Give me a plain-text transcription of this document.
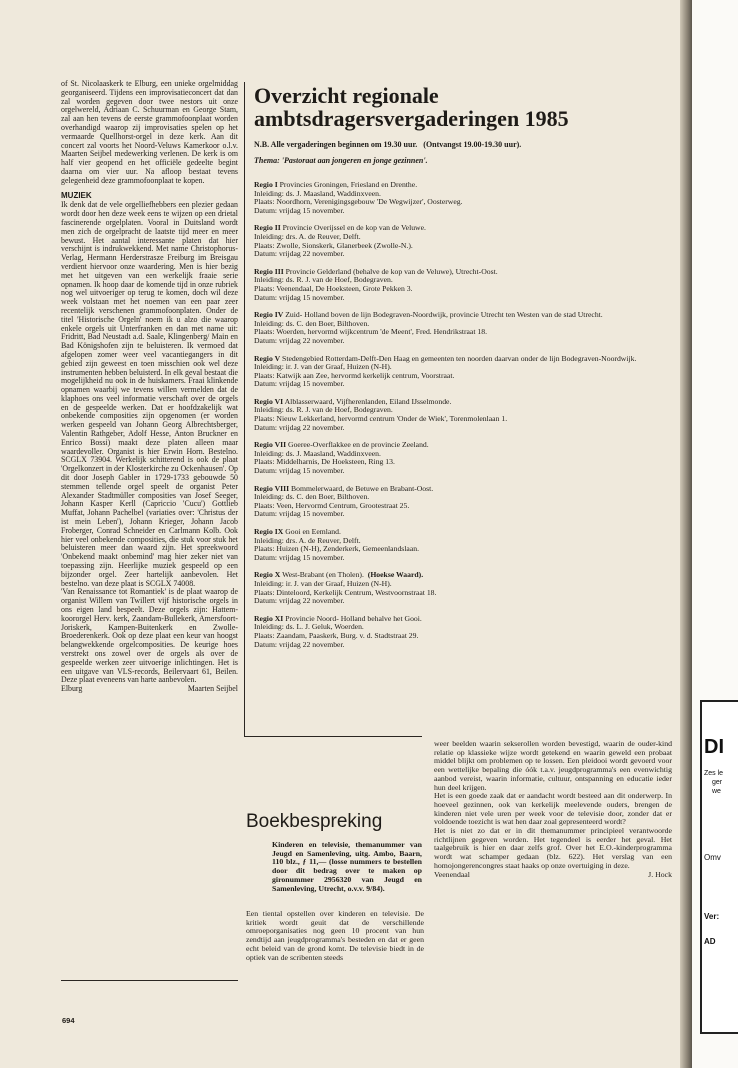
of St. Nicolaaskerk te Elburg, een unieke orgelmiddag georganiseerd. Tijdens een improvisatieconcert dat dan zal worden gegeven door twee nestors uit onze orgelwereld, Adriaan C. Schuurman en George Stam, zal aan hen tevens de eerste grammofoonplaat worden overhandigd waarop zij improvisaties spelen op het vermaarde Quellhorst-orgel in deze kerk. Aan dit concert zal voorts het Noord-Veluws Kamerkoor o.l.v. Maarten Seijbel medewerking verlenen. De kerk is om half vier geopend en het officiële gedeelte begint daarna om vier uur. Na afloop bestaat tevens gelegenheid deze grammofoonplaat te kopen.

MUZIEK

Ik denk dat de vele orgelliefhebbers een plezier gedaan wordt door hen deze week eens te wijzen op een drietal fascinerende orgelplaten. Vooral in Duitsland wordt men zich de orgelpracht de laatste tijd meer en meer bewust. Het aantal interessante platen dat hier verschijnt is indrukwekkend. Met name Christophorus-Verlag, Hermann Herderstrasze Freiburg im Breisgau verdient hiervoor onze waardering. Men is hier bezig met het uitgeven van een werkelijk fraaie serie opnamen. Ik hoop daar de komende tijd in onze rubriek nog wel uitvoeriger op terug te komen, doch wil deze week volstaan met het noemen van een paar zeer recentelijk verschenen grammofoonplaten. Onder de titel 'Historische Orgeln' noem ik u alzo die waarop enkele orgels uit Unterfranken en dan met name uit: Fridritt, Bad Neustadt a.d. Saale, Klingenberg/ Main en Bad Königshofen zijn te beluisteren. Ik vermoed dat afgelopen zomer weer veel vacantiegangers in dit gebied zijn geweest en toen misschien ook wel deze instrumenten hebben beluisterd. In elk geval bestaat die mogelijkheid nu ook in de huiskamers. Fraai klinkende opnamen waarbij we tevens willen vermelden dat de klaphoes ons veel informatie verschaft over de orgels en de gespeelde werken. Dat er hoofdzakelijk wat onbekende composities zijn opgenomen (er worden werken gespeeld van Johann Georg Albrechtsberger, Valentin Rathgeber, Adolf Hesse, Anton Bruckner en Enrico Bossi) maakt deze platen alleen maar waardevoller. Organist is hier Erwin Horn. Bestelno. SCGLX 73904. Werkelijk schitterend is ook de plaat 'Orgelkonzert in der Klosterkirche zu Ockenhausen'. Op dit door Joseph Gabler in 1729-1733 gebouwde 50 stemmen tellende orgel speelt de organist Peter Alexander Stadtmüller composities van Josef Seeger, Johann Kasper Kerll (Capriccio 'Cucu') Gottlieb Muffat, Johann Pachelbel (variaties over: 'Christus der ist mein Leben'), Johann Krieger, Johann Jacob Froberger, Conrad Schneider en Carlmann Kolb. Ook hier veel onbekende composities, die stuk voor stuk het beluisteren meer dan waard zijn. Het spreekwoord 'Onbekend maakt onbemind' mag hier zeker niet van toepassing zijn. Heerlijke muziek gespeeld op een bijzonder orgel. Zeer hartelijk aanbevolen. Het bestelno. van deze plaat is SCGLX 74008.

'Van Renaissance tot Romantiek' is de plaat waarop de organist Willem van Twillert vijf historische orgels in ons eigen land bespeelt. Deze orgels zijn: Hattem-koororgel Herv. kerk, Zaandam-Bullekerk, Amersfoort-Joriskerk, Kampen-Buitenkerk en Zwolle-Broederenkerk. Ook op deze plaat een keur van hoogst belangwekkende orgelcomposities. De keurige hoes verstrekt ons zowel over de orgels als over de gespeelde werken zeer uitvoerige inlichtingen. Het is een uitgave van VLS-records, Beilervaart 61, Beilen. Deze plaat eveneens van harte aanbevolen.

Elburg	Maarten Seijbel
694
Overzicht regionale ambtsdragersvergaderingen 1985
N.B. Alle vergaderingen beginnen om 19.30 uur. (Ontvangst 19.00-19.30 uur).
Thema: 'Pastoraat aan jongeren en jonge gezinnen'.
Regio I Provincies Groningen, Friesland en Drenthe.
Inleiding: ds. J. Maasland, Waddinxveen.
Plaats: Noordhorn, Verenigingsgebouw 'De Wegwijzer', Oosterweg.
Datum: vrijdag 15 november.
Regio II Provincie Overijssel en de kop van de Veluwe.
Inleiding: drs. A. de Reuver, Delft.
Plaats: Zwolle, Sionskerk, Glanerbeek (Zwolle-N.).
Datum: vrijdag 22 november.
Regio III Provincie Gelderland (behalve de kop van de Veluwe), Utrecht-Oost.
Inleiding: ds. R. J. van de Hoef, Bodegraven.
Plaats: Veenendaal, De Hoeksteen, Grote Pekken 3.
Datum: vrijdag 15 november.
Regio IV Zuid- Holland boven de lijn Bodegraven-Noordwijk, provincie Utrecht ten Westen van de stad Utrecht.
Inleiding: ds. C. den Boer, Bilthoven.
Plaats: Woerden, hervormd wijkcentrum 'de Meent', Fred. Hendrikstraat 18.
Datum: vrijdag 22 november.
Regio V Stedengebied Rotterdam-Delft-Den Haag en gemeenten ten noorden daarvan onder de lijn Bodegraven-Noordwijk.
Inleiding: ir. J. van der Graaf, Huizen (N-H).
Plaats: Katwijk aan Zee, hervormd kerkelijk centrum, Voorstraat.
Datum: vrijdag 15 november.
Regio VI Alblasserwaard, Vijfherenlanden, Eiland IJsselmonde.
Inleiding: ds. R. J. van de Hoef, Bodegraven.
Plaats: Nieuw Lekkerland, hervormd centrum 'Onder de Wiek', Torenmolenlaan 1.
Datum: vrijdag 22 november.
Regio VII Goeree-Overflakkee en de provincie Zeeland.
Inleiding: ds. J. Maasland, Waddinxveen.
Plaats: Middelharnis, De Hoeksteen, Ring 13.
Datum: vrijdag 15 november.
Regio VIII Bommelerwaard, de Betuwe en Brabant-Oost.
Inleiding: ds. C. den Boer, Bilthoven.
Plaats: Veen, Hervormd Centrum, Grootestraat 25.
Datum: vrijdag 15 november.
Regio IX Gooi en Eemland.
Inleiding: drs. A. de Reuver, Delft.
Plaats: Huizen (N-H), Zenderkerk, Gemeenlandslaan.
Datum: vrijdag 15 november.
Regio X West-Brabant (en Tholen). (Hoekse Waard).
Inleiding: ir. J. van der Graaf, Huizen (N-H).
Plaats: Dinteloord, Kerkelijk Centrum, Westvoornstraat 18.
Datum: vrijdag 22 november.
Regio XI Provincie Noord- Holland behalve het Gooi.
Inleiding: ds. L. J. Geluk, Woerden.
Plaats: Zaandam, Paaskerk, Burg. v. d. Stadtstraat 29.
Datum: vrijdag 22 november.
Boekbespreking
Kinderen en televisie, themanummer van Jeugd en Samenleving, uitg. Ambo, Baarn, 110 blz., ƒ 11,— (losse nummers te bestellen door dit bedrag over te maken op gironummer 2956320 van Jeugd en Samenleving, Utrecht, o.v.v. 9/84).
Een tiental opstellen over kinderen en televisie. De kritiek wordt geuit dat de verschillende omroeporganisaties nog geen 10 procent van hun zendtijd aan jeugdprogramma's besteden en dat er geen echt beleid van de grond komt. De televisie biedt in de optiek van de scribenten steeds

weer beelden waarin sekserollen worden bevestigd, waarin de ouder-kind relatie op klassieke wijze wordt getekend en waarin geweld een probaat middel blijkt om problemen op te lossen. Een pleidooi wordt gevoerd voor een wettelijke bepaling die óók t.a.v. jeugdprogramma's een evenwichtig aanbod vereist, waarin informatie, cultuur, ontspanning en educatie ieder hun deel krijgen.

Het is een goede zaak dat er aandacht wordt besteed aan dit onderwerp. In hoeveel gezinnen, ook van kerkelijk meelevende ouders, brengen de kinderen niet vele uren per week voor de televisie door, zonder dat er voldoende toezicht is wat hen daar zoal gepresenteerd wordt?

Het is niet zo dat er in dit themanummer principieel verantwoorde richtlijnen gegeven worden. Het tegendeel is eerder het geval. Het taalgebruik is hier en daar zelfs grof. Over het E.O.-kinderprogramma wordt wat schamper gedaan (blz. 622). Het verslag van een homojongerencongres staat haaks op onze overtuiging in deze.

Veenendaal	J. Hock
DI
Zes le
ger
we
Omv
Ver:
AD
